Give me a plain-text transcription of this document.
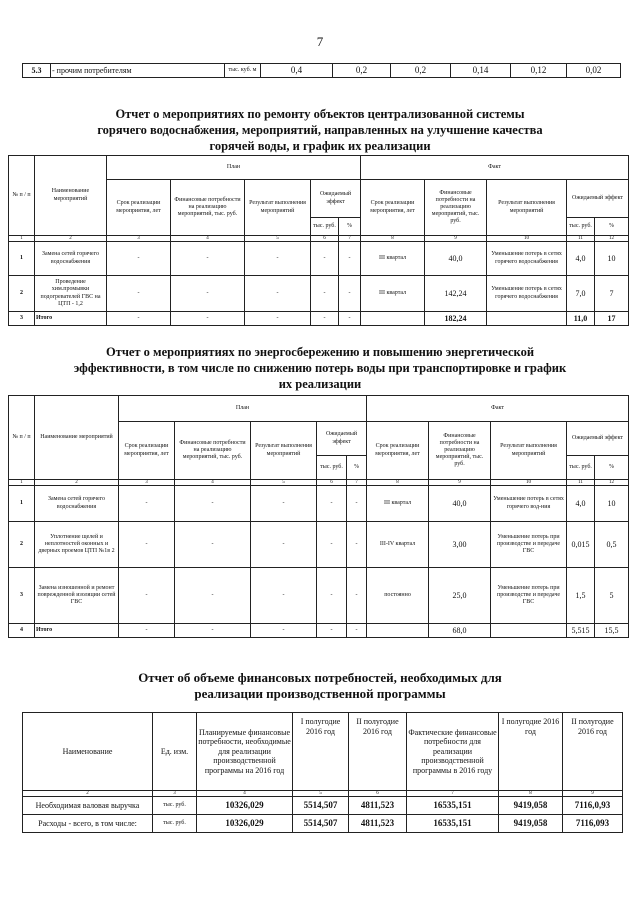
7
5.3	- прочим потребителям	тыс. куб. м	0,4	0,2	0,2	0,14	0,12	0,02
Отчет о мероприятиях по ремонту объектов централизованной системы горячего водоснабжения, мероприятий, направленных на улучшение качества горячей воды, и график их реализации
№ п / п	Наименование мероприятий	План					Факт				
		Срок реализации мероприятия, лет	Финансовые потребности на реализацию мероприятий, тыс. руб.	Результат выполнения мероприятий	Ожидаемый эффект		Срок реализации мероприятия, лет	Финансовые потребности на реализацию мероприятий, тыс. руб.	Результат выполнения мероприятий	Ожидаемый эффект	
					тыс. руб.	%				тыс. руб.	%
1	2	3	4	5	6	7	8	9	10	11	12
1	Замена сетей горячего водоснабжения	-	-	-	-	-	III квартал	40,0	Уменьшение потерь в сетях горячего водоснабжения	4,0	10
2	Проведение хим.промывки подогревателей ГВС на ЦТП - 1,2	-	-	-	-	-	III квартал	142,24	Уменьшение потерь в сетях горячего водоснабжения	7,0	7
3	Итого	-	-	-	-	-		182,24		11,0	17
Отчет о мероприятиях по энергосбережению и повышению энергетической эффективности, в том числе по снижению потерь воды при транспортировке и график их реализации
№ п / п	Наименование мероприятий	План					Факт				
		Срок реализации мероприятия, лет	Финансовые потребности на реализацию мероприятий, тыс. руб.	Результат выполнения мероприятий	Ожидаемый эффект		Срок реализации мероприятия, лет	Финансовые потребности на реализацию мероприятий, тыс. руб.	Результат выполнения мероприятий	Ожидаемый эффект	
					тыс. руб.	%				тыс. руб.	%
1	2	3	4	5	6	7	8	9	10	11	12
1	Замена сетей горячего водоснабжения	-	-	-	-	-	III квартал	40,0	Уменьшение потерь в сетях горячего вод-ния	4,0	10
2	Уплотнение щелей и неплотностей оконных и дверных проемов ЦТП №1в 2	-	-	-	-	-	III-IV квартал	3,00	Уменьшение потерь при производстве и передаче ГВС	0,015	0,5
3	Замена изношенной и ремонт поврежденной изоляции сетей ГВС	-	-	-	-	-	постоянно	25,0	Уменьшение потерь при производстве и передаче ГВС	1,5	5
4	Итого	-	-	-	-	-		68,0		5,515	15,5
Отчет об объеме финансовых потребностей, необходимых для реализации производственной программы
Наименование	Ед. изм.	Планируемые финансовые потребности, необходимые для реализации производственной программы на 2016 год	I полугодие 2016 год	II полугодие 2016 год	Фактические финансовые потребности для реализации производственной программы в 2016 году	I полугодие 2016 год	II полугодие 2016 год
2	3	4	5	6	7	8	9
Необходимая валовая выручка	тыс. руб.	10326,029	5514,507	4811,523	16535,151	9419,058	7116,0,93
Расходы - всего, в том числе:	тыс. руб.	10326,029	5514,507	4811,523	16535,151	9419,058	7116,093
